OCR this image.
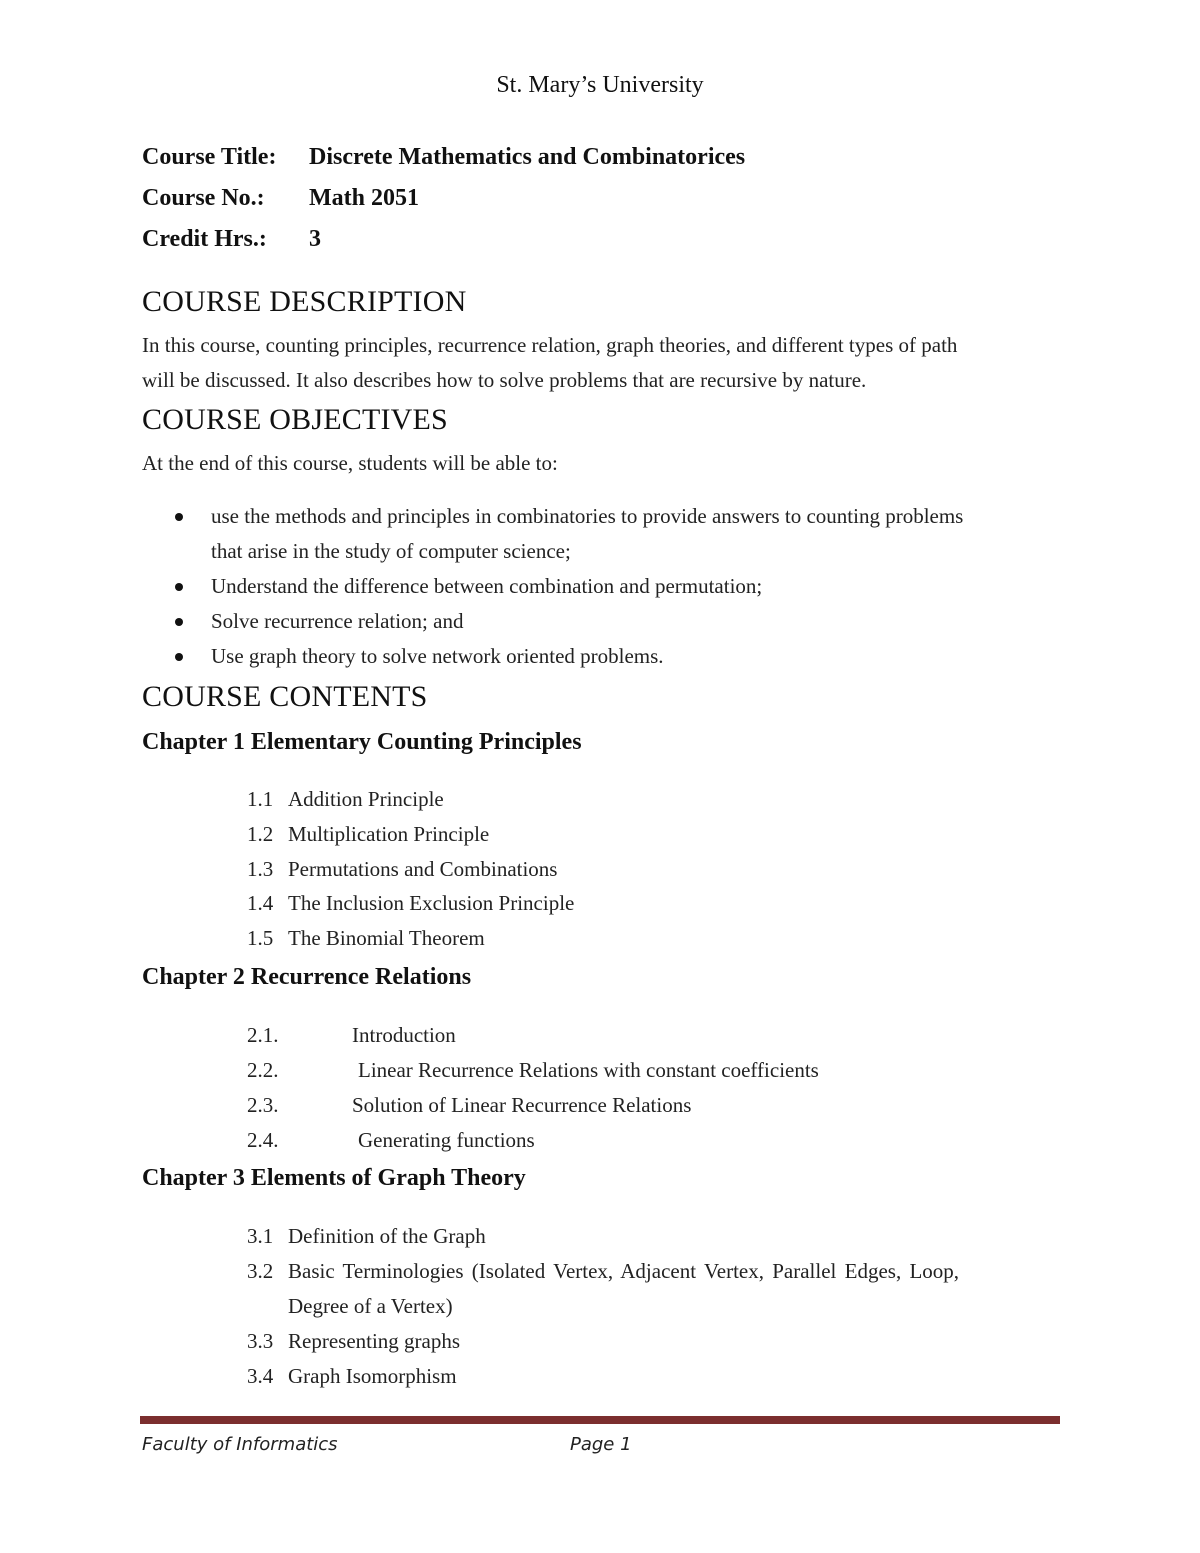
St. Mary’s University
Course Title: Discrete Mathematics and Combinatorices
Course No.: Math 2051
Credit Hrs.: 3
COURSE DESCRIPTION
In this course, counting principles, recurrence relation, graph theories, and different types of path
will be discussed. It also describes how to solve problems that are recursive by nature.
COURSE OBJECTIVES
At the end of this course, students will be able to:
use the methods and principles in combinatories to provide answers to counting problems
that arise in the study of computer science;
Understand the difference between combination and permutation;
Solve recurrence relation; and
Use graph theory to solve network oriented problems.
COURSE CONTENTS
Chapter 1 Elementary Counting Principles
1.1 Addition Principle
1.2 Multiplication Principle
1.3 Permutations and Combinations
1.4 The Inclusion Exclusion Principle
1.5 The Binomial Theorem
Chapter 2 Recurrence Relations
2.1.	Introduction
2.2.	Linear Recurrence Relations with constant coefficients
2.3.	Solution of Linear Recurrence Relations
2.4.	Generating functions
Chapter 3 Elements of Graph Theory
3.1 Definition of the Graph
3.2 Basic Terminologies (Isolated Vertex, Adjacent Vertex, Parallel Edges, Loop,
Degree of a Vertex)
3.3 Representing graphs
3.4 Graph Isomorphism
Faculty of Informatics	Page 1
